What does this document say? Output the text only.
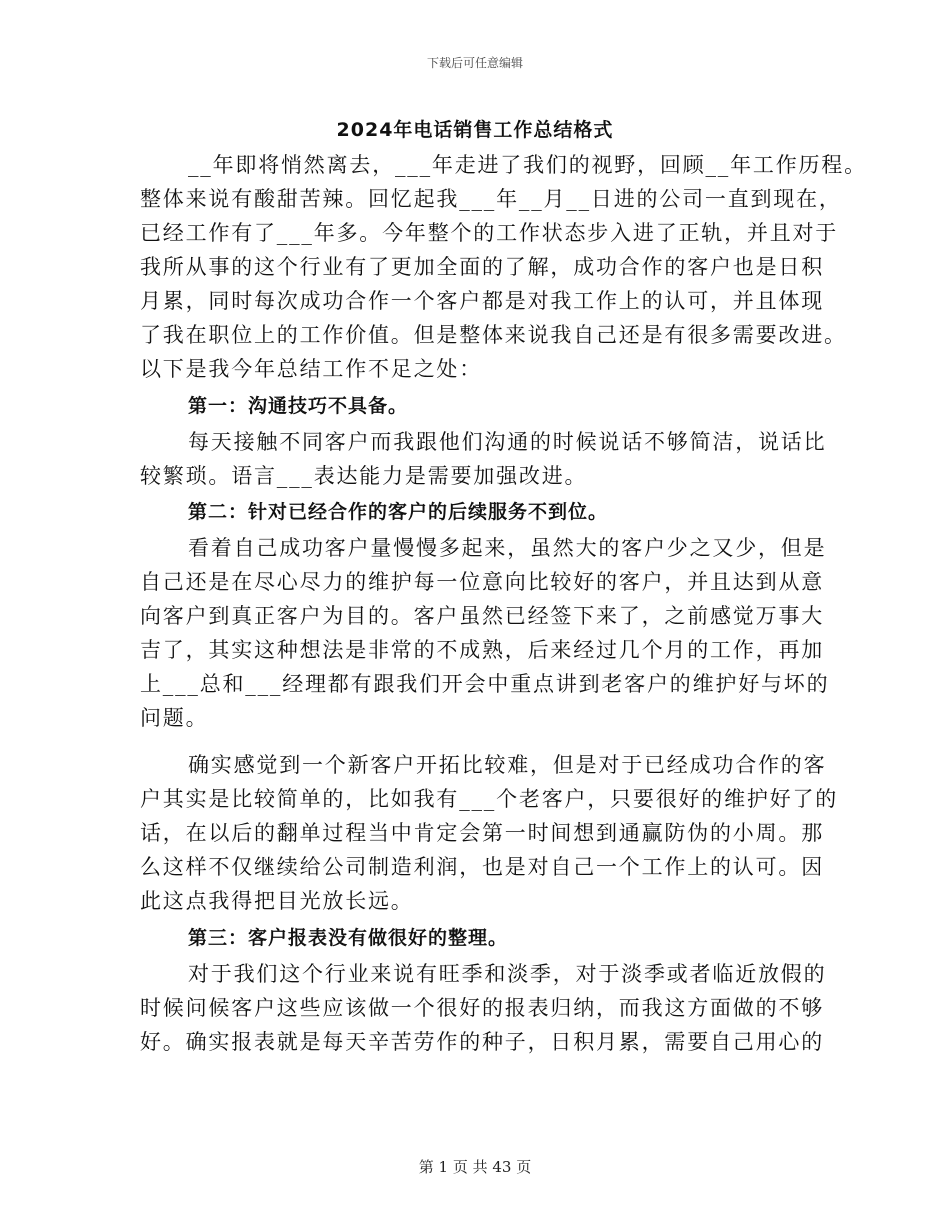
下载后可任意编辑
2024年电话销售工作总结格式
__年即将悄然离去，___年走进了我们的视野，回顾__年工作历程。
整体来说有酸甜苦辣。回忆起我___年__月__日进的公司一直到现在，
已经工作有了___年多。今年整个的工作状态步入进了正轨，并且对于
我所从事的这个行业有了更加全面的了解，成功合作的客户也是日积
月累，同时每次成功合作一个客户都是对我工作上的认可，并且体现
了我在职位上的工作价值。但是整体来说我自己还是有很多需要改进。
以下是我今年总结工作不足之处：
第一：沟通技巧不具备。
每天接触不同客户而我跟他们沟通的时候说话不够简洁，说话比
较繁琐。语言___表达能力是需要加强改进。
第二：针对已经合作的客户的后续服务不到位。
看着自己成功客户量慢慢多起来，虽然大的客户少之又少，但是
自己还是在尽心尽力的维护每一位意向比较好的客户，并且达到从意
向客户到真正客户为目的。客户虽然已经签下来了，之前感觉万事大
吉了，其实这种想法是非常的不成熟，后来经过几个月的工作，再加
上___总和___经理都有跟我们开会中重点讲到老客户的维护好与坏的
问题。
确实感觉到一个新客户开拓比较难，但是对于已经成功合作的客
户其实是比较简单的，比如我有___个老客户，只要很好的维护好了的
话，在以后的翻单过程当中肯定会第一时间想到通赢防伪的小周。那
么这样不仅继续给公司制造利润，也是对自己一个工作上的认可。因
此这点我得把目光放长远。
第三：客户报表没有做很好的整理。
对于我们这个行业来说有旺季和淡季，对于淡季或者临近放假的
时候问候客户这些应该做一个很好的报表归纳，而我这方面做的不够
好。确实报表就是每天辛苦劳作的种子，日积月累，需要自己用心的
第 1 页 共 43 页
